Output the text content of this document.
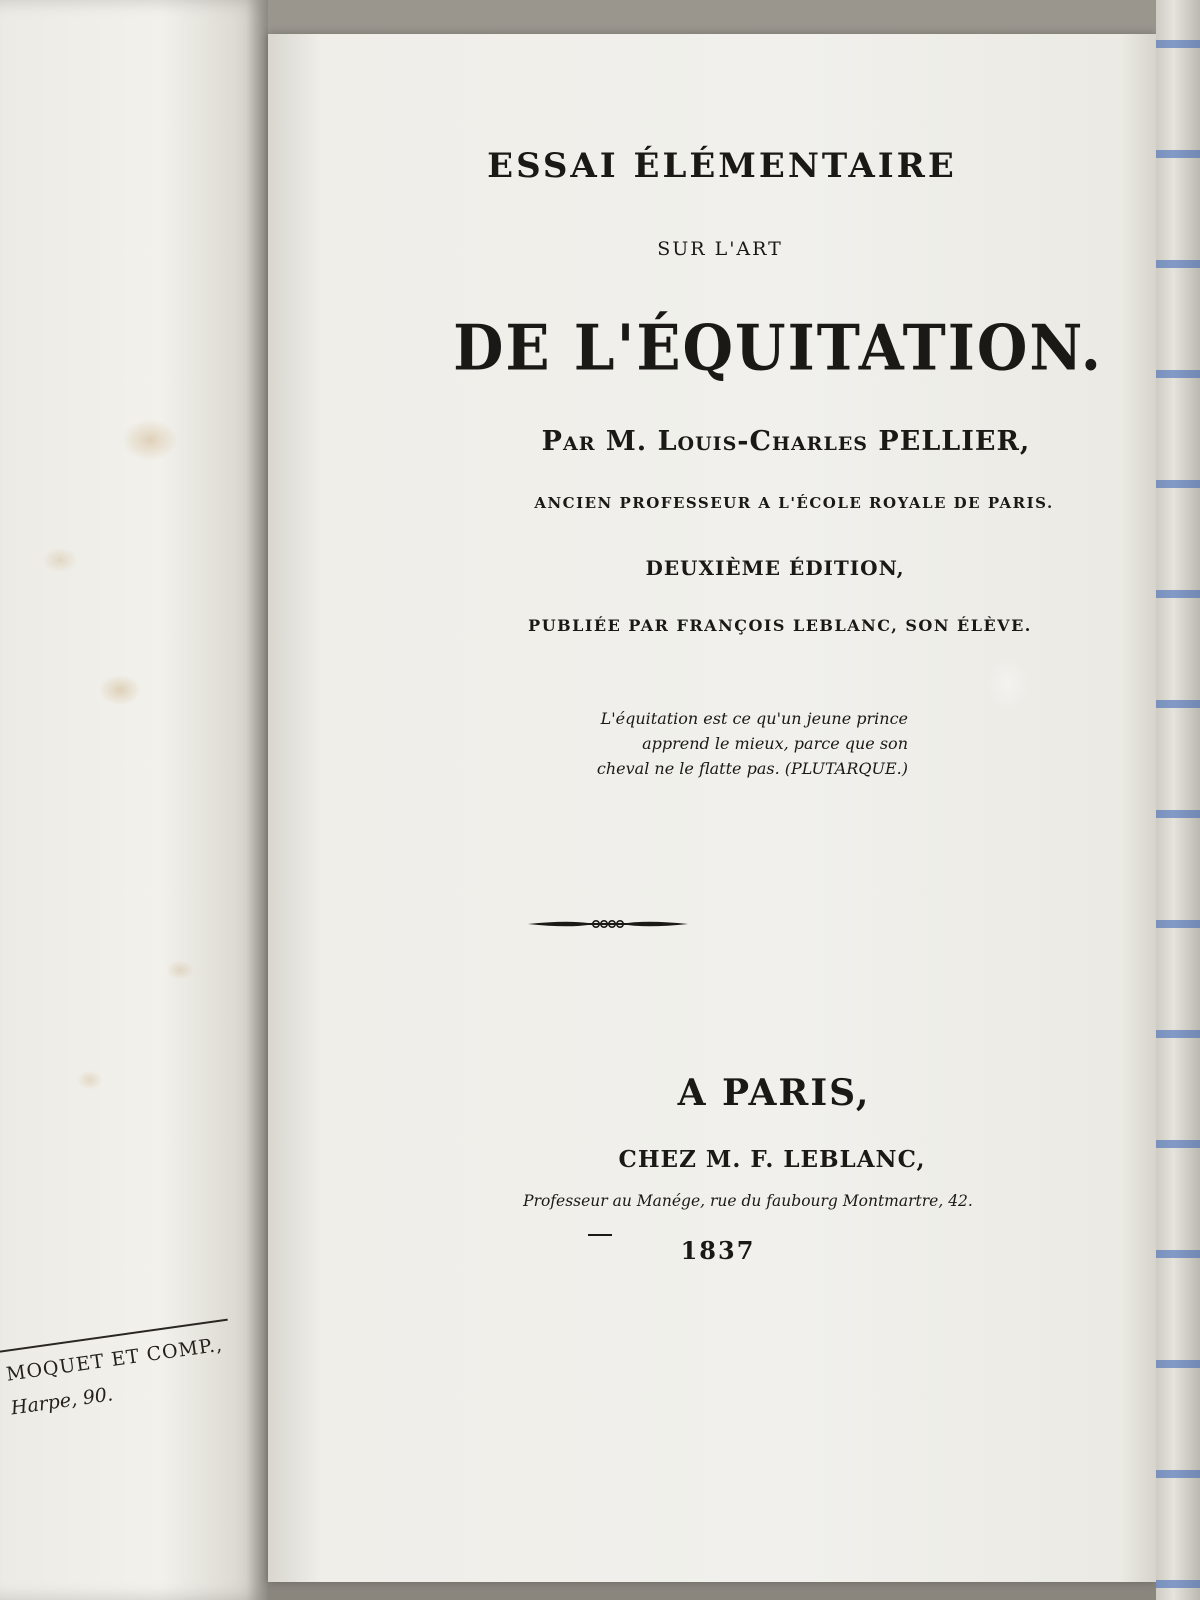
MOQUET ET COMP.,
Harpe, 90.
ESSAI ÉLÉMENTAIRE
SUR L'ART
DE L'ÉQUITATION.
Par M. Louis-Charles PELLIER,
ANCIEN PROFESSEUR A L'ÉCOLE ROYALE DE PARIS.
DEUXIÈME ÉDITION,
PUBLIÉE PAR FRANÇOIS LEBLANC, SON ÉLÈVE.
L'équitation est ce qu'un jeune prince
apprend le mieux, parce que son
cheval ne le flatte pas. (PLUTARQUE.)
A PARIS,
CHEZ M. F. LEBLANC,
Professeur au Manége, rue du faubourg Montmartre, 42.
1837
